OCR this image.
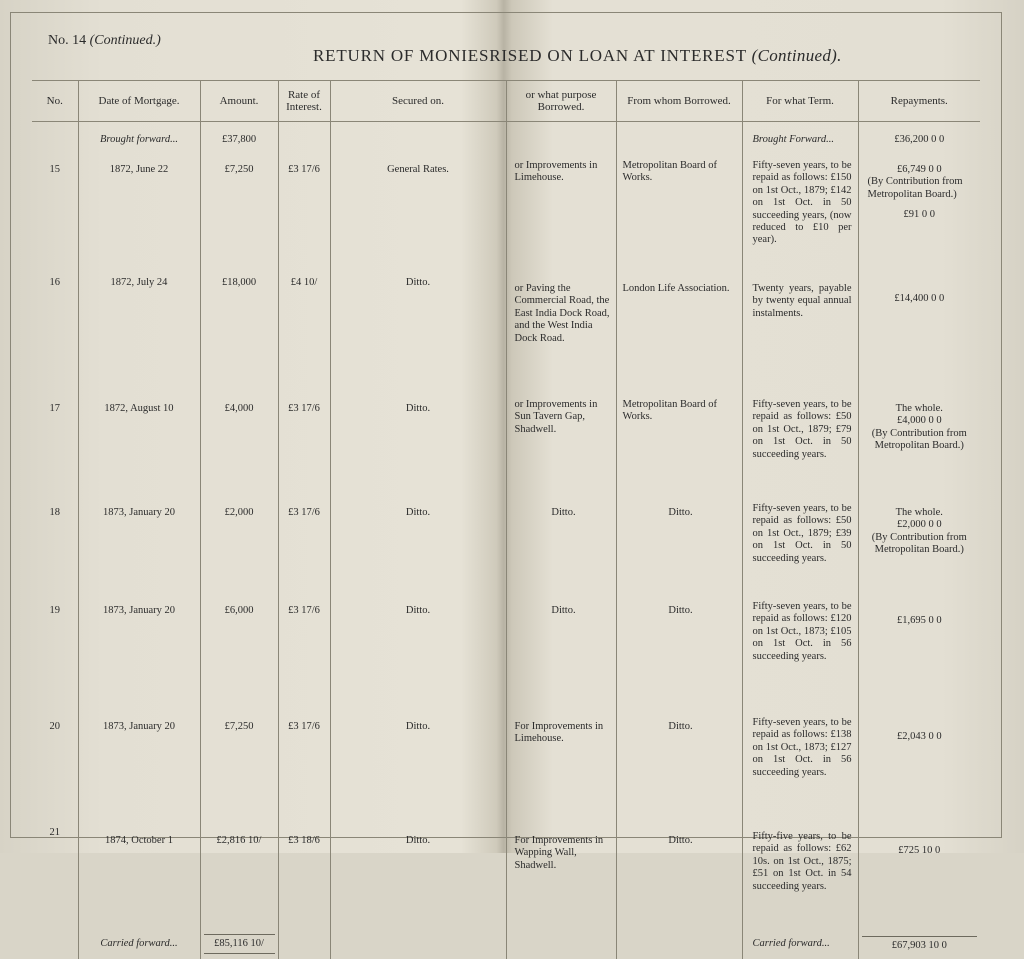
No. 14 (Continued.)
RETURN OF MONIESRISED ON LOAN AT INTEREST (Continued).
No.	Date of Mortgage.	Amount.	Rate of Interest.	Secured on.	or what purpose Borrowed.	From whom Borrowed.	For what Term.	Repayments.
	Brought forward...	£37,800					Brought Forward...	£36,200 0 0
15	1872, June 22	£7,250	£3 17/6	General Rates.	or Improvements in Limehouse.	Metropolitan Board of Works.	Fifty-seven years, to be repaid as follows: £150 on 1st Oct., 1879; £142 on 1st Oct. in 50 succeeding years, (now reduced to £10 per year).	£6,749 0 0
(By Contribution from Metropolitan Board.)
£91 0 0

16	1872, July 24	£18,000	£4 10/	Ditto.	or Paving the Commercial Road, the East India Dock Road, and the West India Dock Road.	London Life Association.	Twenty years, payable by twenty equal annual instalments.	£14,400 0 0

17	1872, August 10	£4,000	£3 17/6	Ditto.	or Improvements in Sun Tavern Gap, Shadwell.	Metropolitan Board of Works.	Fifty-seven years, to be repaid as follows: £50 on 1st Oct., 1879; £79 on 1st Oct. in 50 succeeding years.	The whole.
£4,000 0 0
(By Contribution from Metropolitan Board.)

18	1873, January 20	£2,000	£3 17/6	Ditto.	Ditto.	Ditto.	Fifty-seven years, to be repaid as follows: £50 on 1st Oct., 1879; £39 on 1st Oct. in 50 succeeding years.	The whole.
£2,000 0 0
(By Contribution from Metropolitan Board.)

19	1873, January 20	£6,000	£3 17/6	Ditto.	Ditto.	Ditto.	Fifty-seven years, to be repaid as follows: £120 on 1st Oct., 1873; £105 on 1st Oct. in 56 succeeding years.	£1,695 0 0

20	1873, January 20	£7,250	£3 17/6	Ditto.	For Improvements in Limehouse.	Ditto.	Fifty-seven years, to be repaid as follows: £138 on 1st Oct., 1873; £127 on 1st Oct. in 56 succeeding years.	£2,043 0 0

21	1874, October 1	£2,816 10/	£3 18/6	Ditto.	For Improvements in Wapping Wall, Shadwell.	Ditto.	Fifty-five years, to be repaid as follows: £62 10s. on 1st Oct., 1875; £51 on 1st Oct. in 54 succeeding years.	£725 10 0

	Carried forward...	£85,116 10/					Carried forward...	£67,903 10 0
